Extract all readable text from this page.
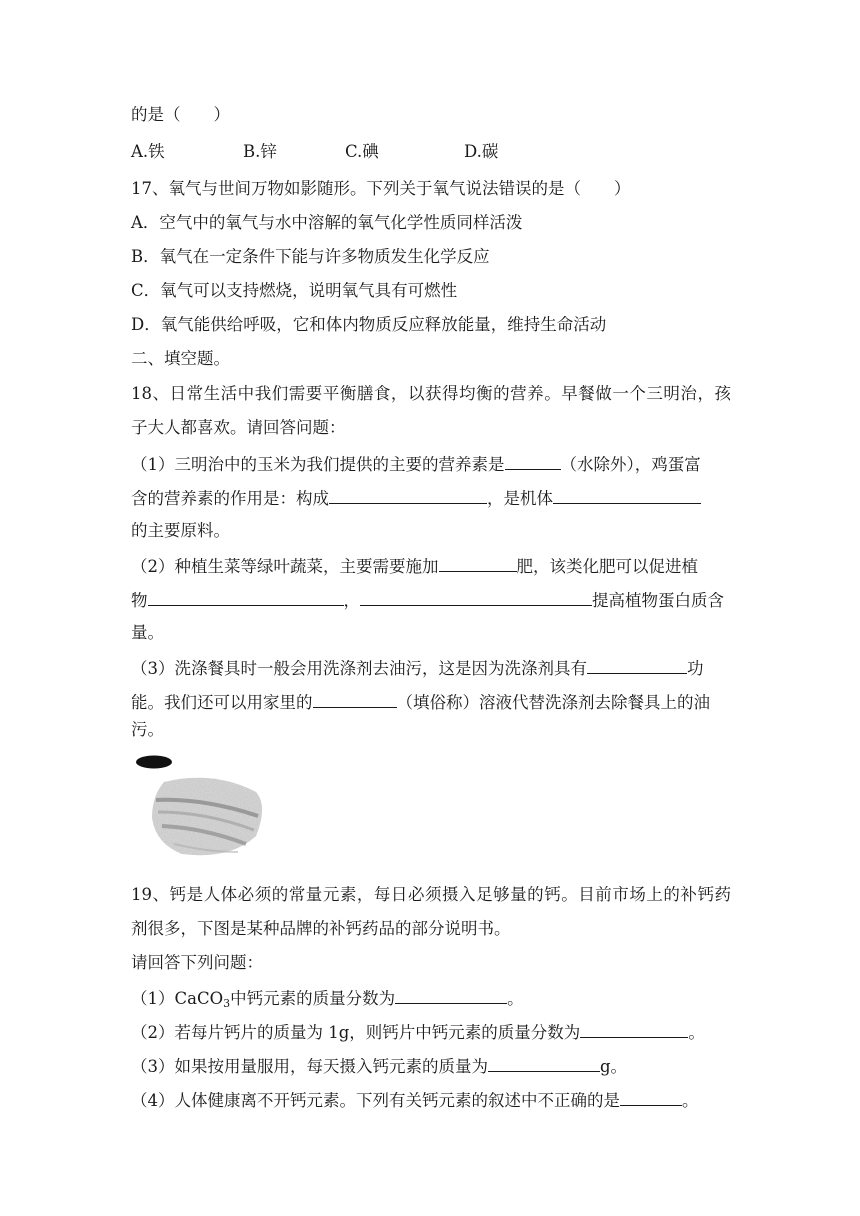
的是（　　）
A.铁	B.锌	C.碘	D.碳
17、氧气与世间万物如影随形。下列关于氧气说法错误的是（　　）
A．空气中的氧气与水中溶解的氧气化学性质同样活泼
B．氧气在一定条件下能与许多物质发生化学反应
C．氧气可以支持燃烧，说明氧气具有可燃性
D．氧气能供给呼吸，它和体内物质反应释放能量，维持生命活动
二、填空题。
18、日常生活中我们需要平衡膳食，以获得均衡的营养。早餐做一个三明治，孩
子大人都喜欢。请回答问题：
（1）三明治中的玉米为我们提供的主要的营养素是	（水除外），鸡蛋富
含的营养素的作用是：构成	，是机体
的主要原料。
（2）种植生菜等绿叶蔬菜，主要需要施加	肥，该类化肥可以促进植
物	，	提高植物蛋白质含
量。
（3）洗涤餐具时一般会用洗涤剂去油污，这是因为洗涤剂具有	功
能。我们还可以用家里的	（填俗称）溶液代替洗涤剂去除餐具上的油
污。
19、钙是人体必须的常量元素，每日必须摄入足够量的钙。目前市场上的补钙药
剂很多，下图是某种品牌的补钙药品的部分说明书。
请回答下列问题：
（1）CaCO$_3$中钙元素的质量分数为	。
（2）若每片钙片的质量为 1g，则钙片中钙元素的质量分数为	。
（3）如果按用量服用，每天摄入钙元素的质量为	g。
（4）人体健康离不开钙元素。下列有关钙元素的叙述中不正确的是	。
